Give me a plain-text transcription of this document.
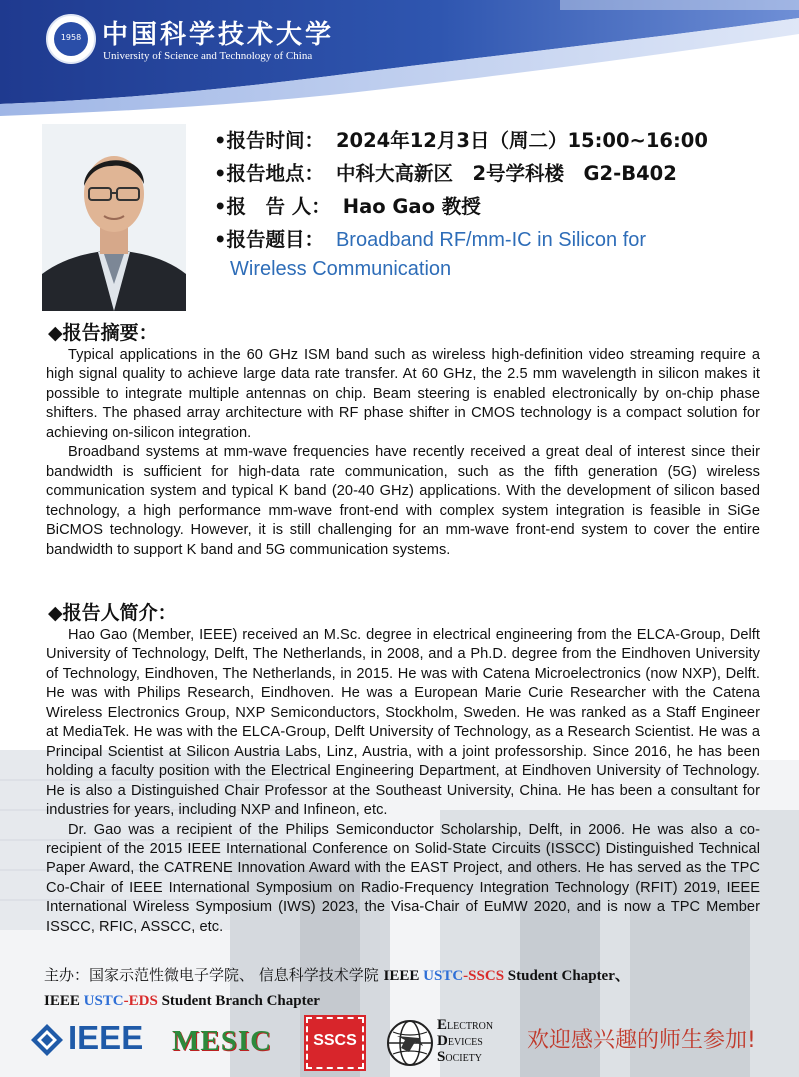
1958 中国科学技术大学
University of Science and Technology of China
•报告时间： 2024年12月3日（周二）15:00~16:00
•报告地点： 中科大高新区　2号学科楼　G2-B402
•报　告 人： Hao Gao 教授
•报告题目： Broadband RF/mm-IC in Silicon for
Wireless Communication
◆报告摘要：

Typical applications in the 60 GHz ISM band such as wireless high-definition video streaming require a high signal quality to achieve large data rate transfer. At 60 GHz, the 2.5 mm wavelength in silicon makes it possible to integrate multiple antennas on chip. Beam steering is enabled electronically by on-chip phase shifters. The phased array architecture with RF phase shifter in CMOS technology is a compact solution for achieving on-silicon integration.

Broadband systems at mm-wave frequencies have recently received a great deal of interest since their bandwidth is sufficient for high-data rate communication, such as the fifth generation (5G) wireless communication system and typical K band (20-40 GHz) applications. With the development of silicon based technology, a high performance mm-wave front-end with complex system integration is feasible in SiGe BiCMOS technology. However, it is still challenging for an mm-wave front-end system to cover the entire bandwidth to support K band and 5G communication systems.

◆报告人简介：

Hao Gao (Member, IEEE) received an M.Sc. degree in electrical engineering from the ELCA-Group, Delft University of Technology, Delft, The Netherlands, in 2008, and a Ph.D. degree from the Eindhoven University of Technology, Eindhoven, The Netherlands, in 2015. He was with Catena Microelectronics (now NXP), Delft. He was with Philips Research, Eindhoven. He was a European Marie Curie Researcher with the Catena Wireless Electronics Group, NXP Semiconductors, Stockholm, Sweden. He was ranked as a Staff Engineer at MediaTek. He was with the ELCA-Group, Delft University of Technology, as a Research Scientist. He was a Principal Scientist at Silicon Austria Labs, Linz, Austria, with a joint professorship. Since 2016, he has been holding a faculty position with the Electrical Engineering Department, at Eindhoven University of Technology. He is also a Distinguished Chair Professor at the Southeast University, China. He has been a consultant for industries for years, including NXP and Infineon, etc.

Dr. Gao was a recipient of the Philips Semiconductor Scholarship, Delft, in 2006. He was also a co-recipient of the 2015 IEEE International Conference on Solid-State Circuits (ISSCC) Distinguished Technical Paper Award, the CATRENE Innovation Award with the EAST Project, and others. He has served as the TPC Co-Chair of IEEE International Symposium on Radio-Frequency Integration Technology (RFIT) 2019, IEEE International Wireless Symposium (IWS) 2023, the Visa-Chair of EuMW 2020, and is now a TPC Member ISSCC, RFIC, ASSCC, etc.

主办：国家示范性微电子学院、 信息科学技术学院 IEEE USTC-SSCS Student Chapter、
IEEE USTC-EDS Student Branch Chapter
IEEE MESIC	SSCS
ELECTRON
DEVICES
SOCIETY
欢迎感兴趣的师生参加!
